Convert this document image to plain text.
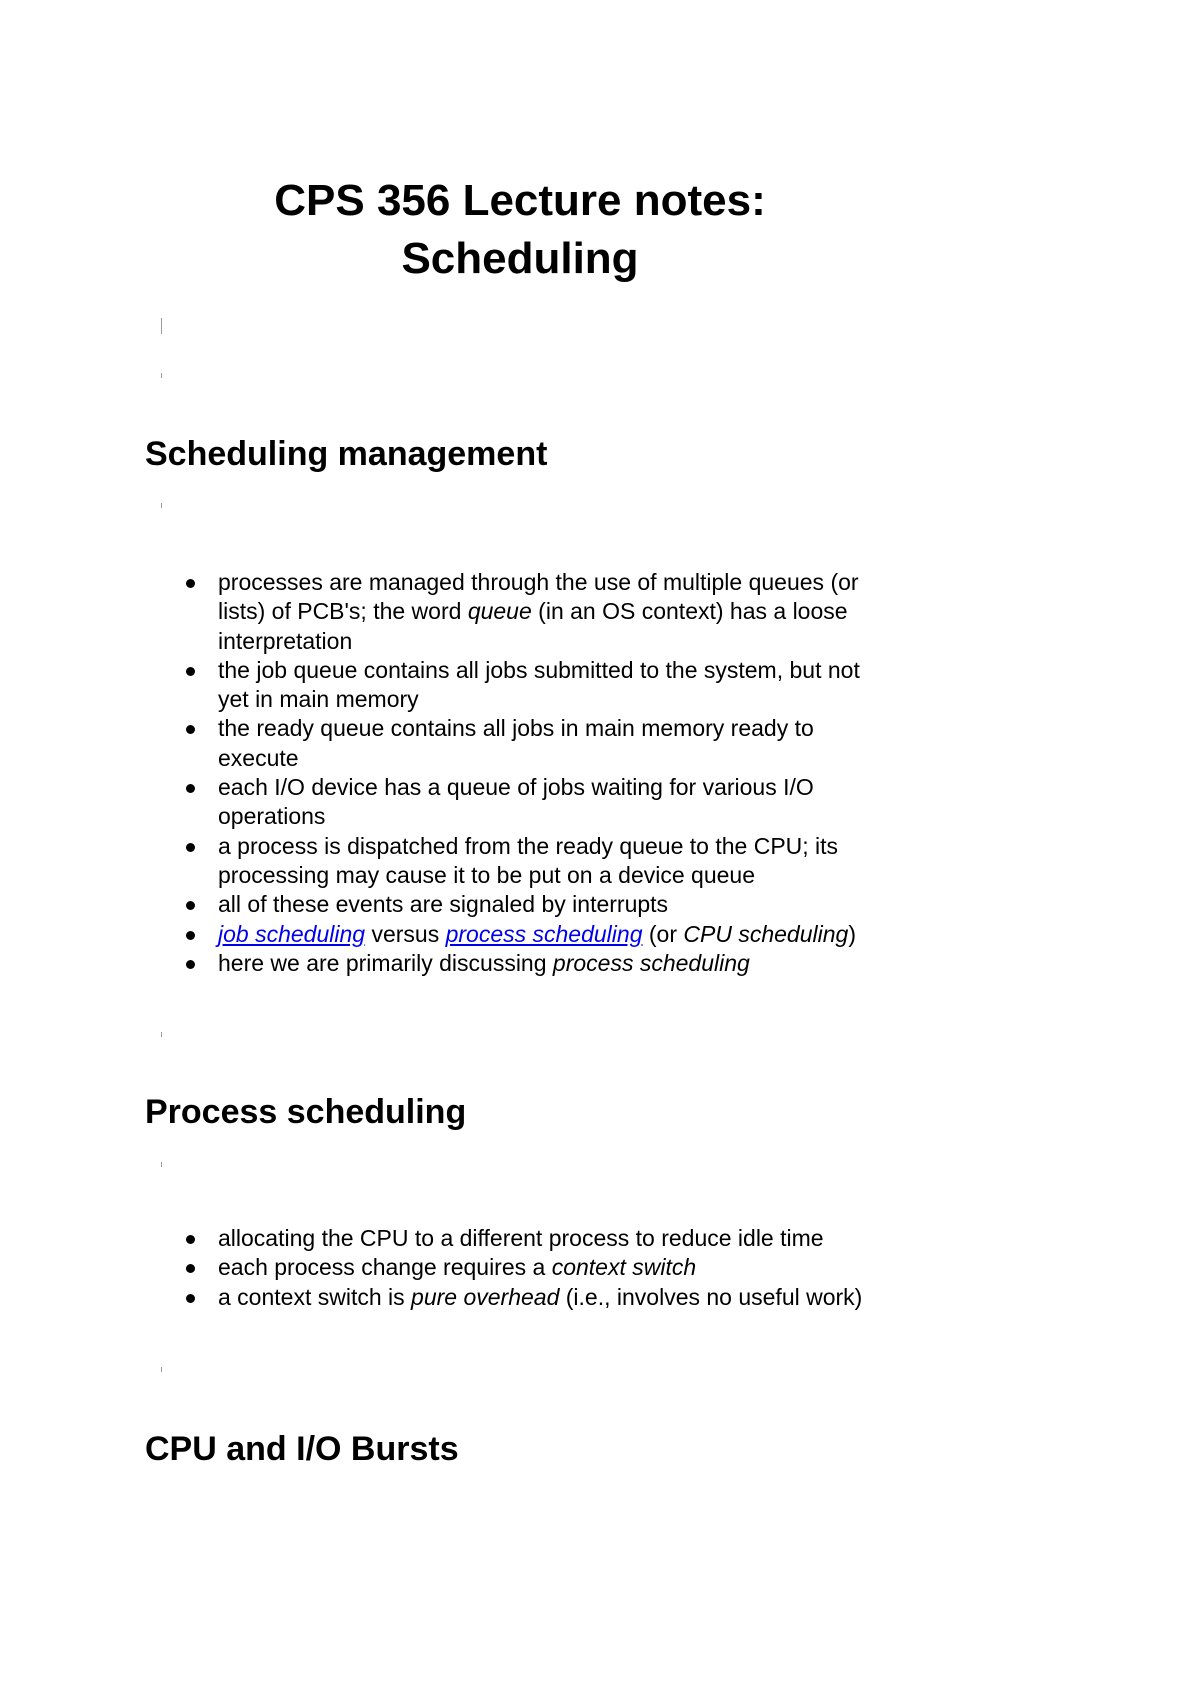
CPS 356 Lecture notes:
Scheduling
Scheduling management
processes are managed through the use of multiple queues (or lists) of PCB's; the word queue (in an OS context) has a loose interpretation
the job queue contains all jobs submitted to the system, but not yet in main memory
the ready queue contains all jobs in main memory ready to execute
each I/O device has a queue of jobs waiting for various I/O operations
a process is dispatched from the ready queue to the CPU; its processing may cause it to be put on a device queue
all of these events are signaled by interrupts
job scheduling versus process scheduling (or CPU scheduling)
here we are primarily discussing process scheduling
Process scheduling
allocating the CPU to a different process to reduce idle time
each process change requires a context switch
a context switch is pure overhead (i.e., involves no useful work)
CPU and I/O Bursts
